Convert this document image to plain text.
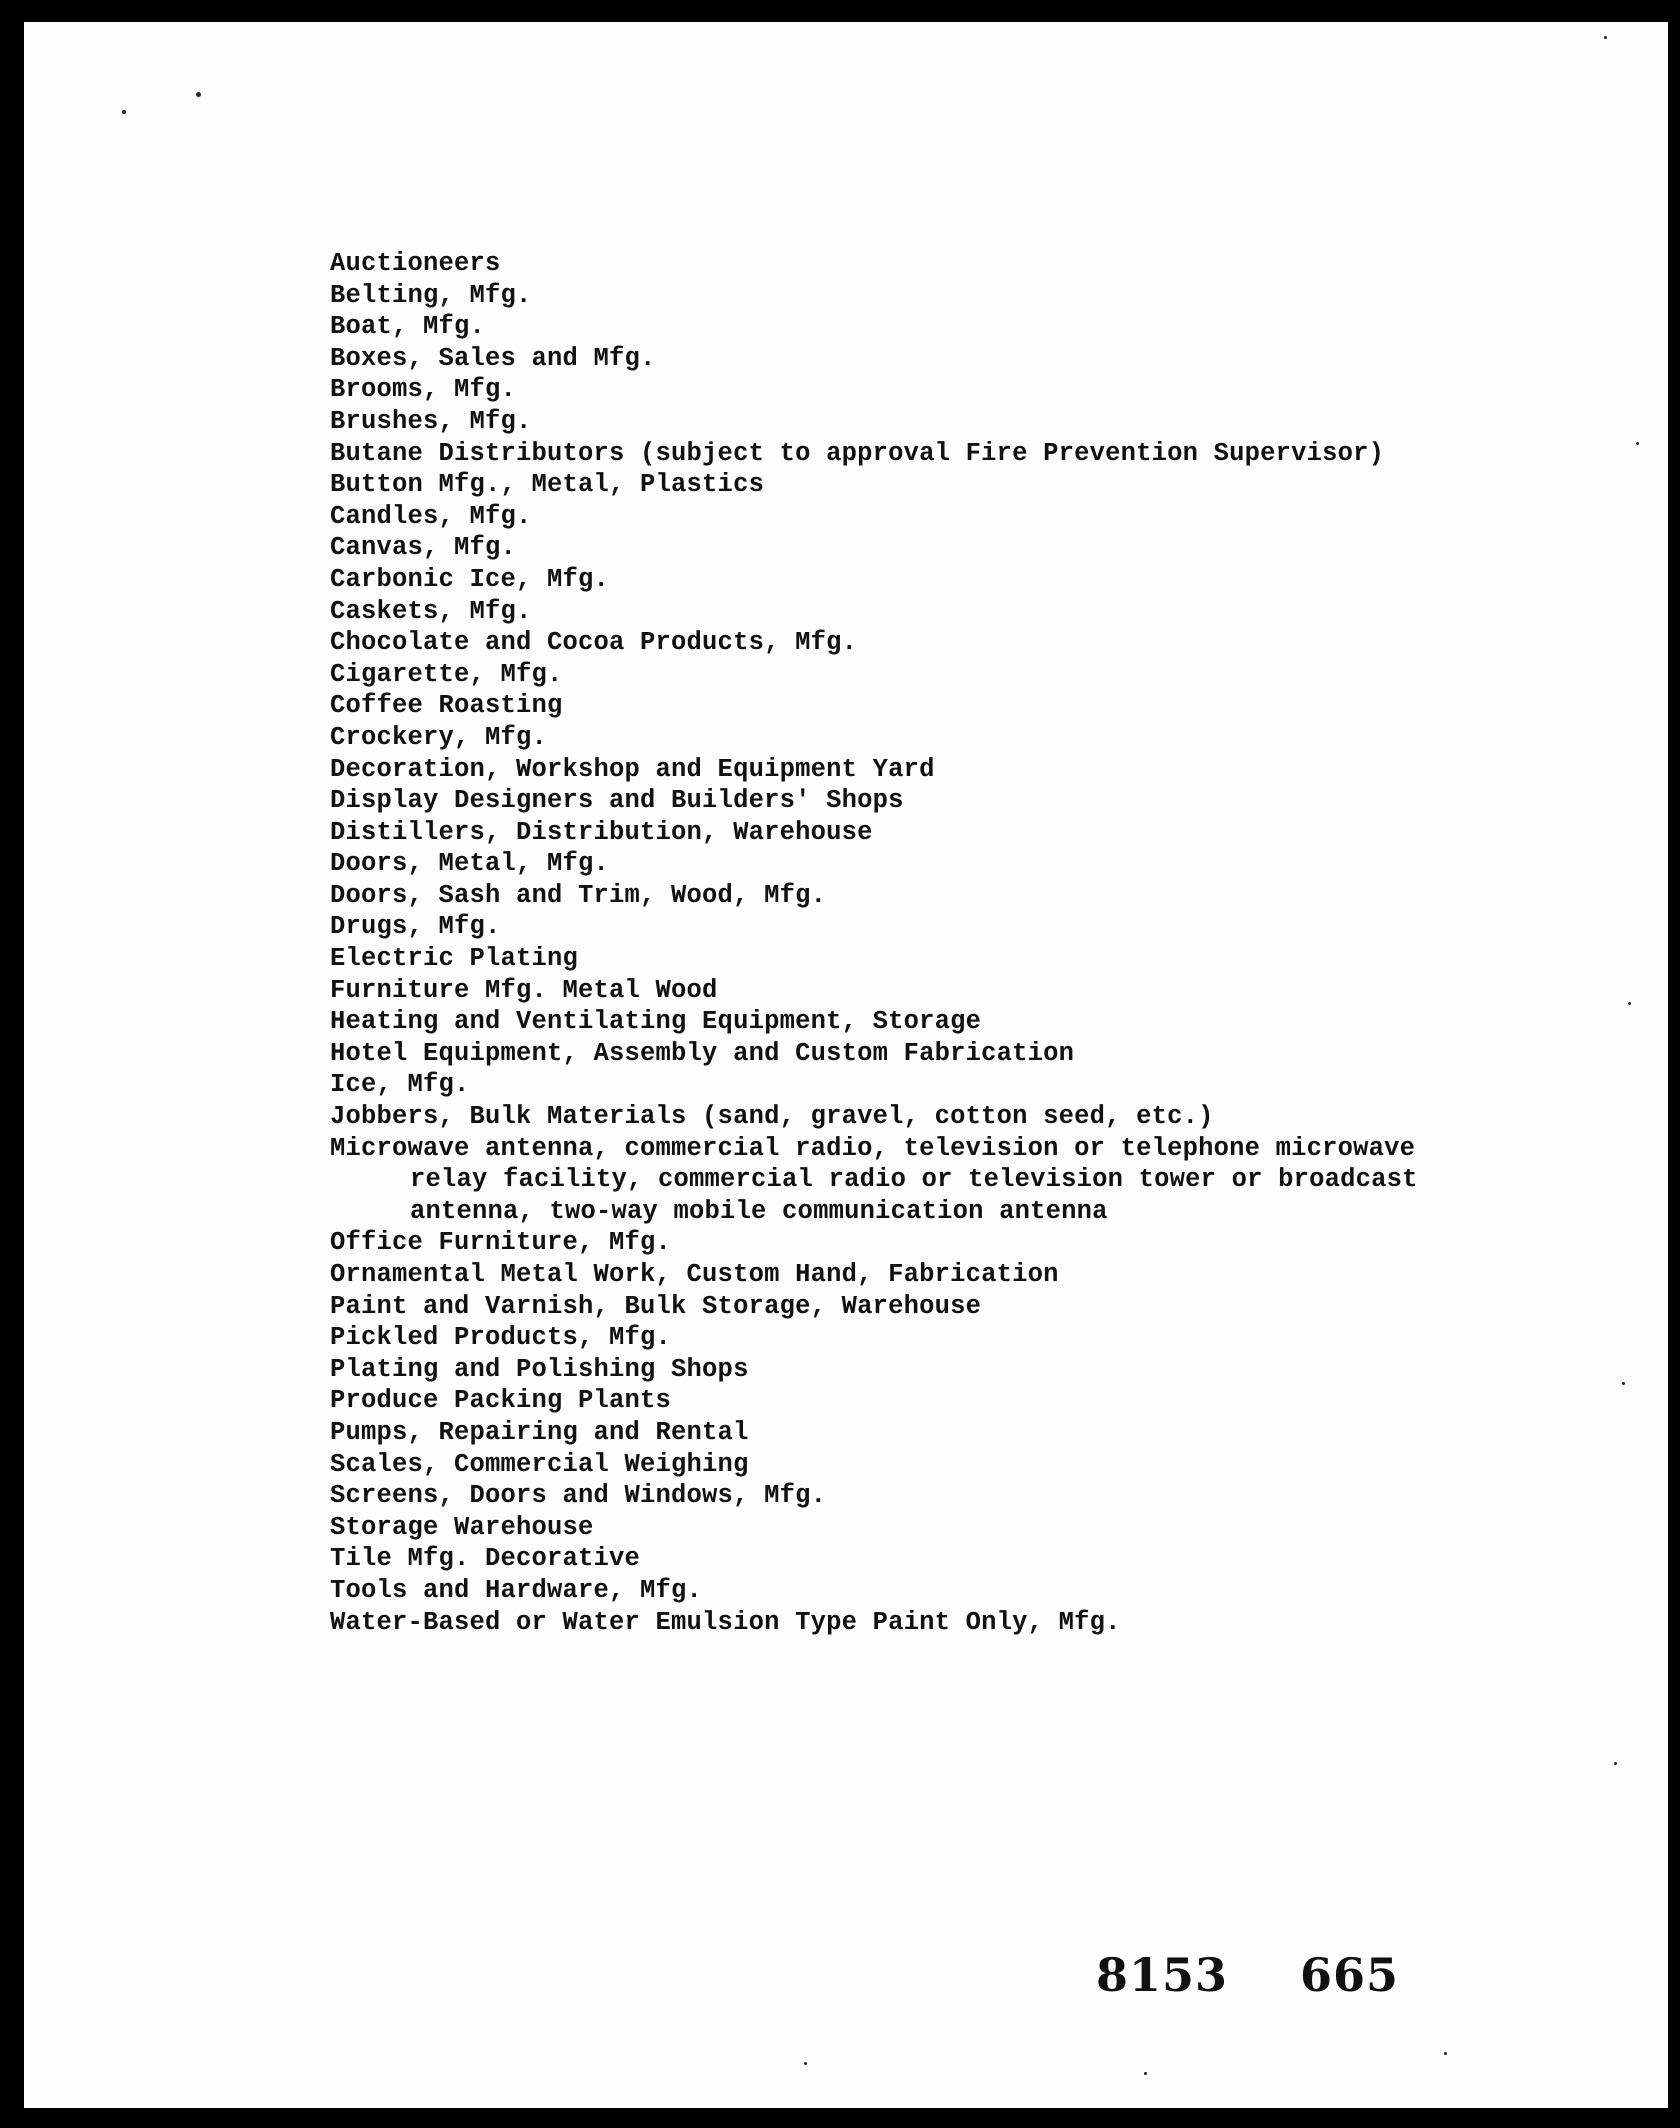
Auctioneers
Belting, Mfg.
Boat, Mfg.
Boxes, Sales and Mfg.
Brooms, Mfg.
Brushes, Mfg.
Butane Distributors (subject to approval Fire Prevention Supervisor)
Button Mfg., Metal, Plastics
Candles, Mfg.
Canvas, Mfg.
Carbonic Ice, Mfg.
Caskets, Mfg.
Chocolate and Cocoa Products, Mfg.
Cigarette, Mfg.
Coffee Roasting
Crockery, Mfg.
Decoration, Workshop and Equipment Yard
Display Designers and Builders' Shops
Distillers, Distribution, Warehouse
Doors, Metal, Mfg.
Doors, Sash and Trim, Wood, Mfg.
Drugs, Mfg.
Electric Plating
Furniture Mfg. Metal Wood
Heating and Ventilating Equipment, Storage
Hotel Equipment, Assembly and Custom Fabrication
Ice, Mfg.
Jobbers, Bulk Materials (sand, gravel, cotton seed, etc.)
Microwave antenna, commercial radio, television or telephone microwave
relay facility, commercial radio or television tower or broadcast
antenna, two-way mobile communication antenna
Office Furniture, Mfg.
Ornamental Metal Work, Custom Hand, Fabrication
Paint and Varnish, Bulk Storage, Warehouse
Pickled Products, Mfg.
Plating and Polishing Shops
Produce Packing Plants
Pumps, Repairing and Rental
Scales, Commercial Weighing
Screens, Doors and Windows, Mfg.
Storage Warehouse
Tile Mfg. Decorative
Tools and Hardware, Mfg.
Water-Based or Water Emulsion Type Paint Only, Mfg.
8153 665
